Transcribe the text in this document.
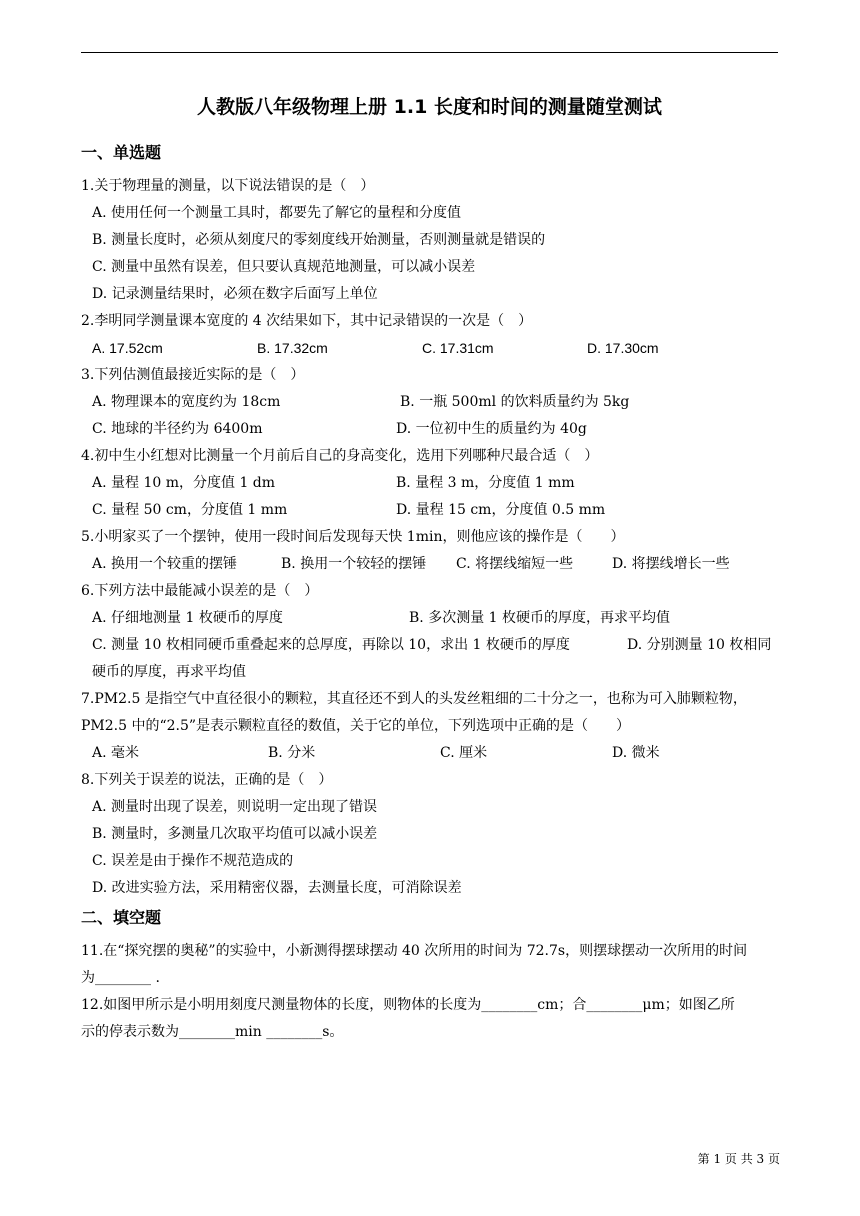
人教版八年级物理上册 1.1 长度和时间的测量随堂测试
一、单选题
1.关于物理量的测量，以下说法错误的是（　）
A. 使用任何一个测量工具时，都要先了解它的量程和分度值
B. 测量长度时，必须从刻度尺的零刻度线开始测量，否则测量就是错误的
C. 测量中虽然有误差，但只要认真规范地测量，可以减小误差
D. 记录测量结果时，必须在数字后面写上单位
2.李明同学测量课本宽度的 4 次结果如下，其中记录错误的一次是（　）
A. 17.52cm	B. 17.32cm	C. 17.31cm	D. 17.30cm
3.下列估测值最接近实际的是（　）
A. 物理课本的宽度约为 18cm	B. 一瓶 500ml 的饮料质量约为 5kg
C. 地球的半径约为 6400m	D. 一位初中生的质量约为 40g
4.初中生小红想对比测量一个月前后自己的身高变化，选用下列哪种尺最合适（　）
A. 量程 10 m，分度值 1 dm	B. 量程 3 m，分度值 1 mm
C. 量程 50 cm，分度值 1 mm	D. 量程 15 cm，分度值 0.5 mm
5.小明家买了一个摆钟，使用一段时间后发现每天快 1min，则他应该的操作是（　　）
A. 换用一个较重的摆锤	B. 换用一个较轻的摆锤 C. 将摆线缩短一些	D. 将摆线增长一些
6.下列方法中最能减小误差的是（　）
A. 仔细地测量 1 枚硬币的厚度	B. 多次测量 1 枚硬币的厚度，再求平均值
C. 测量 10 枚相同硬币重叠起来的总厚度，再除以 10，求出 1 枚硬币的厚度	D. 分别测量 10 枚相同
硬币的厚度，再求平均值
7.PM2.5 是指空气中直径很小的颗粒，其直径还不到人的头发丝粗细的二十分之一，也称为可入肺颗粒物，
PM2.5 中的“2.5”是表示颗粒直径的数值，关于它的单位，下列选项中正确的是（　　）
A. 毫米	B. 分米	C. 厘米	D. 微米
8.下列关于误差的说法，正确的是（　）
A. 测量时出现了误差，则说明一定出现了错误
B. 测量时，多测量几次取平均值可以减小误差
C. 误差是由于操作不规范造成的
D. 改进实验方法，采用精密仪器，去测量长度，可消除误差
二、填空题
11.在“探究摆的奥秘”的实验中，小新测得摆球摆动 40 次所用的时间为 72.7s，则摆球摆动一次所用的时间
为________ .
12.如图甲所示是小明用刻度尺测量物体的长度，则物体的长度为________cm；合________μm；如图乙所
示的停表示数为________min ________s。
第 1 页 共 3 页
